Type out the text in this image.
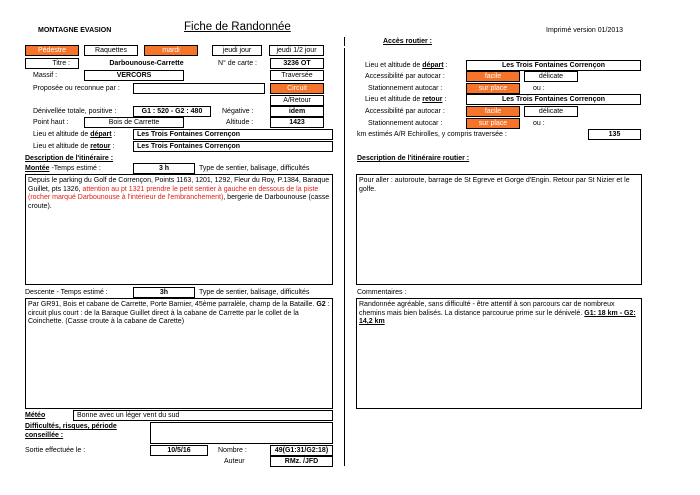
MONTAGNE EVASION	Fiche de Randonnée	Imprimé version 01/2013
Pédestre	Raquettes	mardi	jeudi jour	jeudi 1/2 jour
Titre :	Darbounouse-Carrette	N° de carte :	3236 OT
Massif :	VERCORS	Traversée
Proposée ou reconnue par :	Circuit
A/Retour
Dénivellée totale, positive :	G1 : 520 - G2 : 480	Négative :	idem
Point haut :	Bois de Carrette	Altitude :	1423
Lieu et altitude de départ :	Les Trois Fontaines Corrençon
Lieu et altitude de retour :	Les Trois Fontaines Corrençon
Description de l'itinéraire :
Montée -Temps estimé :	3 h	Type de sentier, balisage, difficultés
Depuis le parking du Golf de Corrençon, Points 1163, 1201, 1292, Fleur du Roy, P.1384, Baraque Guillet, pts 1326, attention au pt 1321 prendre le petit sentier à gauche en dessous de la piste (rocher marqué Darbounouse à l'intérieur de l'embranchement), bergerie de Darbounouse (casse croute).
Descente - Temps estimé :	3h	Type de sentier, balisage, difficultés
Par GR91, Bois et cabane de Carrette, Porte Barnier, 45ème parralèle, champ de la Bataille. G2 : circuit plus court : de la Baraque Guillet direct à la cabane de Carrette par le collet de la Coinchette. (Casse croute à la cabane de Carette)
Météo	Bonne avec un léger vent du sud
Difficultés, risques, période conseillée :
Sortie effectuée le :	10/5/16	Nombre :	49(G1:31/G2:18)
Auteur	RMz. /JFD
Accès routier :
Lieu et altitude de départ :	Les Trois Fontaines Corrençon
Accessibilité par autocar :	facile	délicate
Stationnement autocar :	sur place	ou :
Lieu et altitude de retour :	Les Trois Fontaines Corrençon
Accessibilité par autocar :	facile	délicate
Stationnement autocar :	sur place	ou :
km estimés A/R Echirolles, y compris traversée :	135
Description de l'itinéraire routier :
Pour aller : autoroute, barrage de St Egreve et Gorge d'Engin. Retour par St Nizier et le golfe.
Commentaires :
Randonnée agréable, sans difficulté - être attentif à son parcours car de nombreux chemins mais bien balisés. La distance parcourue prime sur le dénivelé. G1: 18 km - G2: 14,2 km
